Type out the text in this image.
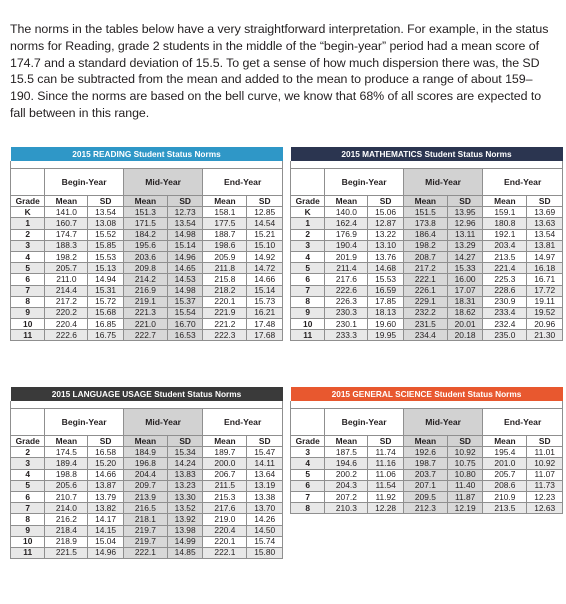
The norms in the tables below have a very straightforward interpretation. For example, in the status norms for Reading, grade 2 students in the middle of the “begin-year” period had a mean score of 174.7 and a standard deviation of 15.5. To get a sense of how much dispersion there was, the SD 15.5 can be subtracted from the mean and added to the mean to produce a range of about 159–190. Since the norms are based on the bell curve, we know that 68% of all scores are expected to fall between in this range.

2015 READING Student Status Norms						

	Begin-Year		Mid-Year		End-Year	
Grade	Mean	SD	Mean	SD	Mean	SD
K	141.0	13.54	151.3	12.73	158.1	12.85
1	160.7	13.08	171.5	13.54	177.5	14.54
2	174.7	15.52	184.2	14.98	188.7	15.21
3	188.3	15.85	195.6	15.14	198.6	15.10
4	198.2	15.53	203.6	14.96	205.9	14.92
5	205.7	15.13	209.8	14.65	211.8	14.72
6	211.0	14.94	214.2	14.53	215.8	14.66
7	214.4	15.31	216.9	14.98	218.2	15.14
8	217.2	15.72	219.1	15.37	220.1	15.73
9	220.2	15.68	221.3	15.54	221.9	16.21
10	220.4	16.85	221.0	16.70	221.2	17.48
11	222.6	16.75	222.7	16.53	222.3	17.68
2015 MATHEMATICS Student Status Norms						

	Begin-Year		Mid-Year		End-Year	
Grade	Mean	SD	Mean	SD	Mean	SD
K	140.0	15.06	151.5	13.95	159.1	13.69
1	162.4	12.87	173.8	12.96	180.8	13.63
2	176.9	13.22	186.4	13.11	192.1	13.54
3	190.4	13.10	198.2	13.29	203.4	13.81
4	201.9	13.76	208.7	14.27	213.5	14.97
5	211.4	14.68	217.2	15.33	221.4	16.18
6	217.6	15.53	222.1	16.00	225.3	16.71
7	222.6	16.59	226.1	17.07	228.6	17.72
8	226.3	17.85	229.1	18.31	230.9	19.11
9	230.3	18.13	232.2	18.62	233.4	19.52
10	230.1	19.60	231.5	20.01	232.4	20.96
11	233.3	19.95	234.4	20.18	235.0	21.30
2015 LANGUAGE USAGE Student Status Norms						

	Begin-Year		Mid-Year		End-Year	
Grade	Mean	SD	Mean	SD	Mean	SD
2	174.5	16.58	184.9	15.34	189.7	15.47
3	189.4	15.20	196.8	14.24	200.0	14.11
4	198.8	14.66	204.4	13.83	206.7	13.64
5	205.6	13.87	209.7	13.23	211.5	13.19
6	210.7	13.79	213.9	13.30	215.3	13.38
7	214.0	13.82	216.5	13.52	217.6	13.70
8	216.2	14.17	218.1	13.92	219.0	14.26
9	218.4	14.15	219.7	13.98	220.4	14.50
10	218.9	15.04	219.7	14.99	220.1	15.74
11	221.5	14.96	222.1	14.85	222.1	15.80
2015 GENERAL SCIENCE Student Status Norms						

	Begin-Year		Mid-Year		End-Year	
Grade	Mean	SD	Mean	SD	Mean	SD
3	187.5	11.74	192.6	10.92	195.4	11.01
4	194.6	11.16	198.7	10.75	201.0	10.92
5	200.2	11.06	203.7	10.80	205.7	11.07
6	204.3	11.54	207.1	11.40	208.6	11.73
7	207.2	11.92	209.5	11.87	210.9	12.23
8	210.3	12.28	212.3	12.19	213.5	12.63
